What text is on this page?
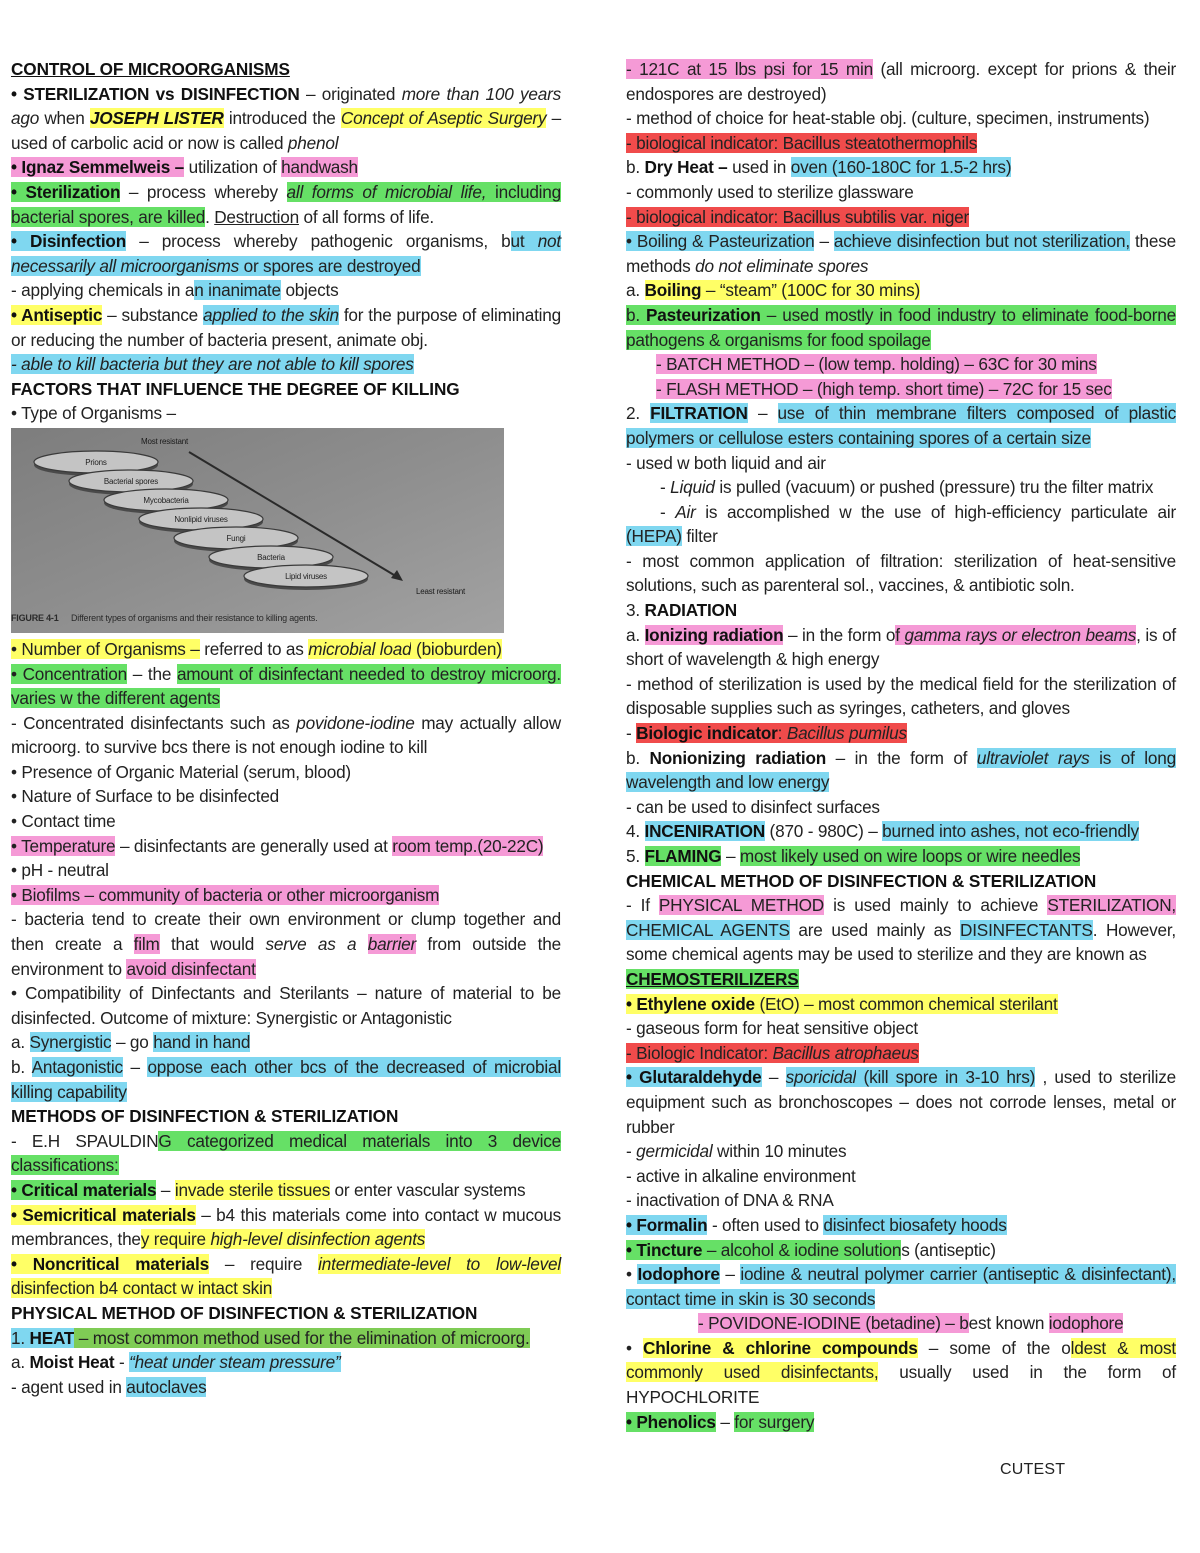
CONTROL OF MICROORGANISMS

• STERILIZATION vs DISINFECTION – originated more than 100 years ago when JOSEPH LISTER introduced the Concept of Aseptic Surgery – used of carbolic acid or now is called phenol

• Ignaz Semmelweis – utilization of handwash

• Sterilization – process whereby all forms of microbial life, including bacterial spores, are killed. Destruction of all forms of life.

• Disinfection – process whereby pathogenic organisms, but not necessarily all microorganisms or spores are destroyed

- applying chemicals in an inanimate objects

• Antiseptic – substance applied to the skin for the purpose of eliminating or reducing the number of bacteria present, animate obj.

- able to kill bacteria but they are not able to kill spores

FACTORS THAT INFLUENCE THE DEGREE OF KILLING

• Type of Organisms –

Prions
Bacterial spores
Mycobacteria
Nonlipid viruses
Fungi
Bacteria
Lipid viruses
Most resistant
Least resistant
FIGURE 4-1 Different types of organisms and their resistance to killing agents.

• Number of Organisms – referred to as microbial load (bioburden)

• Concentration – the amount of disinfectant needed to destroy microorg. varies w the different agents

- Concentrated disinfectants such as povidone-iodine may actually allow microorg. to survive bcs there is not enough iodine to kill

• Presence of Organic Material (serum, blood)

• Nature of Surface to be disinfected

• Contact time

• Temperature – disinfectants are generally used at room temp.(20-22C)

• pH - neutral

• Biofilms – community of bacteria or other microorganism

- bacteria tend to create their own environment or clump together and then create a film that would serve as a barrier from outside the environment to avoid disinfectant

• Compatibility of Dinfectants and Sterilants – nature of material to be disinfected. Outcome of mixture: Synergistic or Antagonistic

a. Synergistic – go hand in hand

b. Antagonistic – oppose each other bcs of the decreased of microbial killing capability

METHODS OF DISINFECTION & STERILIZATION

- E.H SPAULDING categorized medical materials into 3 device classifications:

• Critical materials – invade sterile tissues or enter vascular systems

• Semicritical materials – b4 this materials come into contact w mucous membrances, they require high-level disinfection agents

• Noncritical materials – require intermediate-level to low-level disinfection b4 contact w intact skin

PHYSICAL METHOD OF DISINFECTION & STERILIZATION

1. HEAT – most common method used for the elimination of microorg.

a. Moist Heat - “heat under steam pressure”

- agent used in autoclaves

- 121C at 15 lbs psi for 15 min (all microorg. except for prions & their endospores are destroyed)

- method of choice for heat-stable obj. (culture, specimen, instruments)

- biological indicator: Bacillus steatothermophils

b. Dry Heat – used in oven (160-180C for 1.5-2 hrs)

- commonly used to sterilize glassware

- biological indicator: Bacillus subtilis var. niger

• Boiling & Pasteurization – achieve disinfection but not sterilization, these methods do not eliminate spores

a. Boiling – “steam” (100C for 30 mins)

b. Pasteurization – used mostly in food industry to eliminate food-borne pathogens & organisms for food spoilage

- BATCH METHOD – (low temp. holding) – 63C for 30 mins

- FLASH METHOD – (high temp. short time) – 72C for 15 sec

2. FILTRATION – use of thin membrane filters composed of plastic polymers or cellulose esters containing spores of a certain size

- used w both liquid and air

- Liquid is pulled (vacuum) or pushed (pressure) tru the filter matrix

- Air is accomplished w the use of high-efficiency particulate air (HEPA) filter

- most common application of filtration: sterilization of heat-sensitive solutions, such as parenteral sol., vaccines, & antibiotic soln.

3. RADIATION

a. Ionizing radiation – in the form of gamma rays or electron beams, is of short of wavelength & high energy

- method of sterilization is used by the medical field for the sterilization of disposable supplies such as syringes, catheters, and gloves

- Biologic indicator: Bacillus pumilus

b. Nonionizing radiation – in the form of ultraviolet rays is of long wavelength and low energy

- can be used to disinfect surfaces

4. INCENIRATION (870 - 980C) – burned into ashes, not eco-friendly

5. FLAMING – most likely used on wire loops or wire needles

CHEMICAL METHOD OF DISINFECTION & STERILIZATION

- If PHYSICAL METHOD is used mainly to achieve STERILIZATION, CHEMICAL AGENTS are used mainly as DISINFECTANTS. However, some chemical agents may be used to sterilize and they are known as

CHEMOSTERILIZERS

• Ethylene oxide (EtO) – most common chemical sterilant

- gaseous form for heat sensitive object

- Biologic Indicator: Bacillus atrophaeus

• Glutaraldehyde – sporicidal (kill spore in 3-10 hrs) , used to sterilize equipment such as bronchoscopes – does not corrode lenses, metal or rubber

- germicidal within 10 minutes

- active in alkaline environment

- inactivation of DNA & RNA

• Formalin - often used to disinfect biosafety hoods

• Tincture – alcohol & iodine solutions (antiseptic)

• Iodophore – iodine & neutral polymer carrier (antiseptic & disinfectant), contact time in skin is 30 seconds

- POVIDONE-IODINE (betadine) – best known iodophore

• Chlorine & chlorine compounds – some of the oldest & most commonly used disinfectants, usually used in the form of HYPOCHLORITE

• Phenolics – for surgery

CUTEST
